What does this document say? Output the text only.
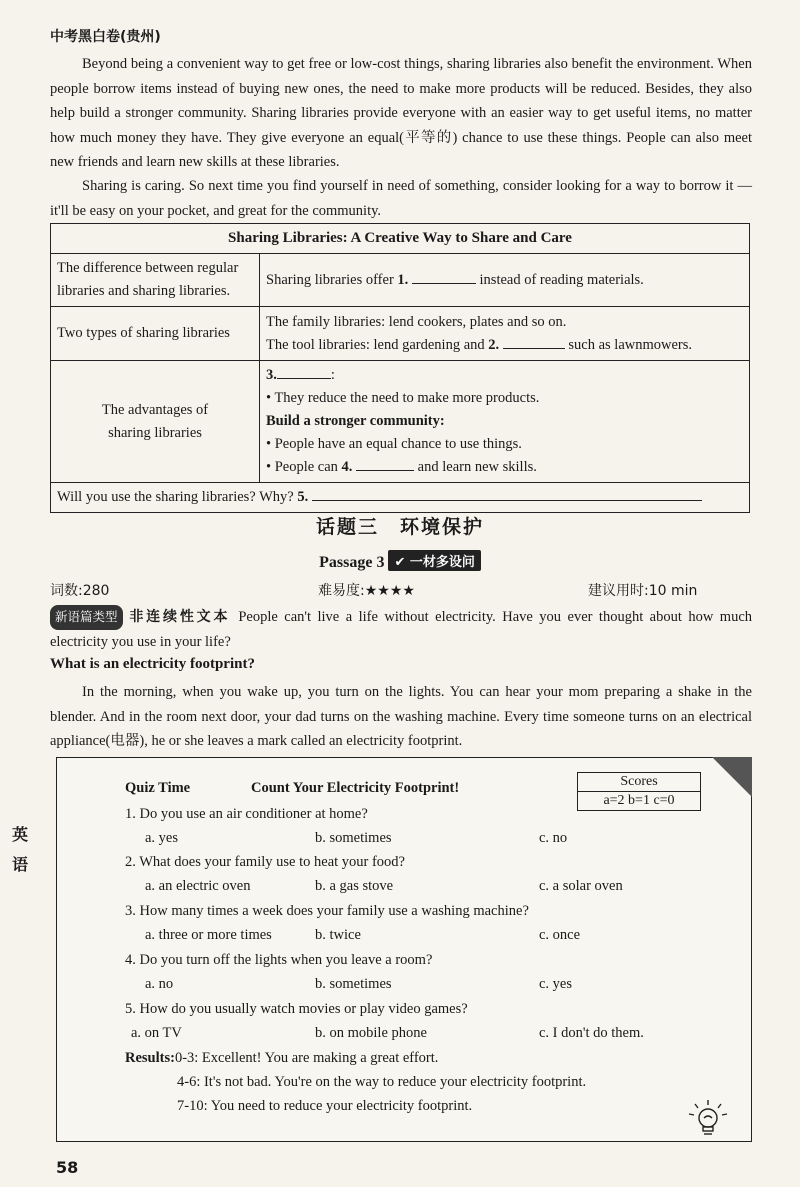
中考黑白卷(贵州)

Beyond being a convenient way to get free or low-cost things, sharing libraries also benefit the environment. When people borrow items instead of buying new ones, the need to make more products will be reduced. Besides, they also help build a stronger community. Sharing libraries provide everyone with an easier way to get useful items, no matter how much money they have. They give everyone an equal(平等的) chance to use these things. People can also meet new friends and learn new skills at these libraries.

Sharing is caring. So next time you find yourself in need of something, consider looking for a way to borrow it —it'll be easy on your pocket, and great for the community.

Sharing Libraries: A Creative Way to Share and Care	
The difference between regular libraries and sharing libraries.	Sharing libraries offer 1. instead of reading materials.
Two types of sharing libraries	The family libraries: lend cookers, plates and so on.
The tool libraries: lend gardening and 2. such as lawnmowers.

The advantages of sharing libraries	3. :
• They reduce the need to make more products.
Build a stronger community:
• People have an equal chance to use things.
• People can 4. and learn new skills.

Will you use the sharing libraries? Why? 5.	
话题三　环境保护
Passage 3 ✔ 一材多设问
词数:280	难易度:★★★★	建议用时:10 min

新语篇类型 非连续性文本 People can't live a life without electricity. Have you ever thought about how much electricity you use in your life?

What is an electricity footprint?

In the morning, when you wake up, you turn on the lights. You can hear your mom preparing a shake in the blender. And in the room next door, your dad turns on the washing machine. Every time someone turns on an electrical appliance(电器), he or she leaves a mark called an electricity footprint.

英
语
Quiz Time	Count Your Electricity Footprint!	Scores
a=2 b=1 c=0
1. Do you use an air conditioner at home?
a. yes	b. sometimes	c. no
2. What does your family use to heat your food?
a. an electric oven	b. a gas stove	c. a solar oven
3. How many times a week does your family use a washing machine?
a. three or more times	b. twice	c. once
4. Do you turn off the lights when you leave a room?
a. no	b. sometimes	c. yes
5. How do you usually watch movies or play video games?
a. on TV	b. on mobile phone	c. I don't do them.
Results:0-3: Excellent! You are making a great effort.
4-6: It's not bad. You're on the way to reduce your electricity footprint.
7-10: You need to reduce your electricity footprint.
58
